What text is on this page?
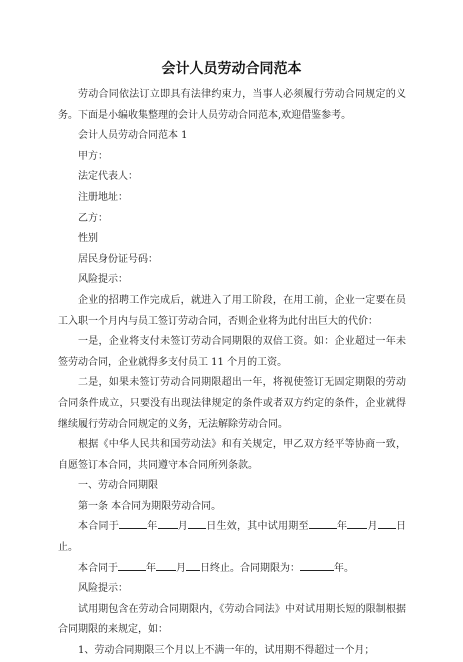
会计人员劳动合同范本

劳动合同依法订立即具有法律约束力，当事人必须履行劳动合同规定的义务。下面是小编收集整理的会计人员劳动合同范本,欢迎借鉴参考。

会计人员劳动合同范本 1

甲方：

法定代表人：

注册地址：

乙方：

性别

居民身份证号码：

风险提示：

企业的招聘工作完成后，就进入了用工阶段，在用工前，企业一定要在员工入职一个月内与员工签订劳动合同，否则企业将为此付出巨大的代价：

一是，企业将支付未签订劳动合同期限的双倍工资。如：企业超过一年未签劳动合同，企业就得多支付员工 11 个月的工资。

二是，如果未签订劳动合同期限超出一年，将视使签订无固定期限的劳动合同条件成立，只要没有出现法律规定的条件或者双方约定的条件，企业就得继续履行劳动合同规定的义务，无法解除劳动合同。

根据《中华人民共和国劳动法》和有关规定，甲乙双方经平等协商一致，自愿签订本合同，共同遵守本合同所列条款。

一、劳动合同期限

第一条 本合同为期限劳动合同。

本合同于	年 月 日生效，其中试用期至	年 月 日止。

本合同于	年 月 日终止。合同期限为：	年。

风险提示：

试用期包含在劳动合同期限内，《劳动合同法》中对试用期长短的限制根据合同期限的来规定，如：

1、劳动合同期限三个月以上不满一年的，试用期不得超过一个月；
